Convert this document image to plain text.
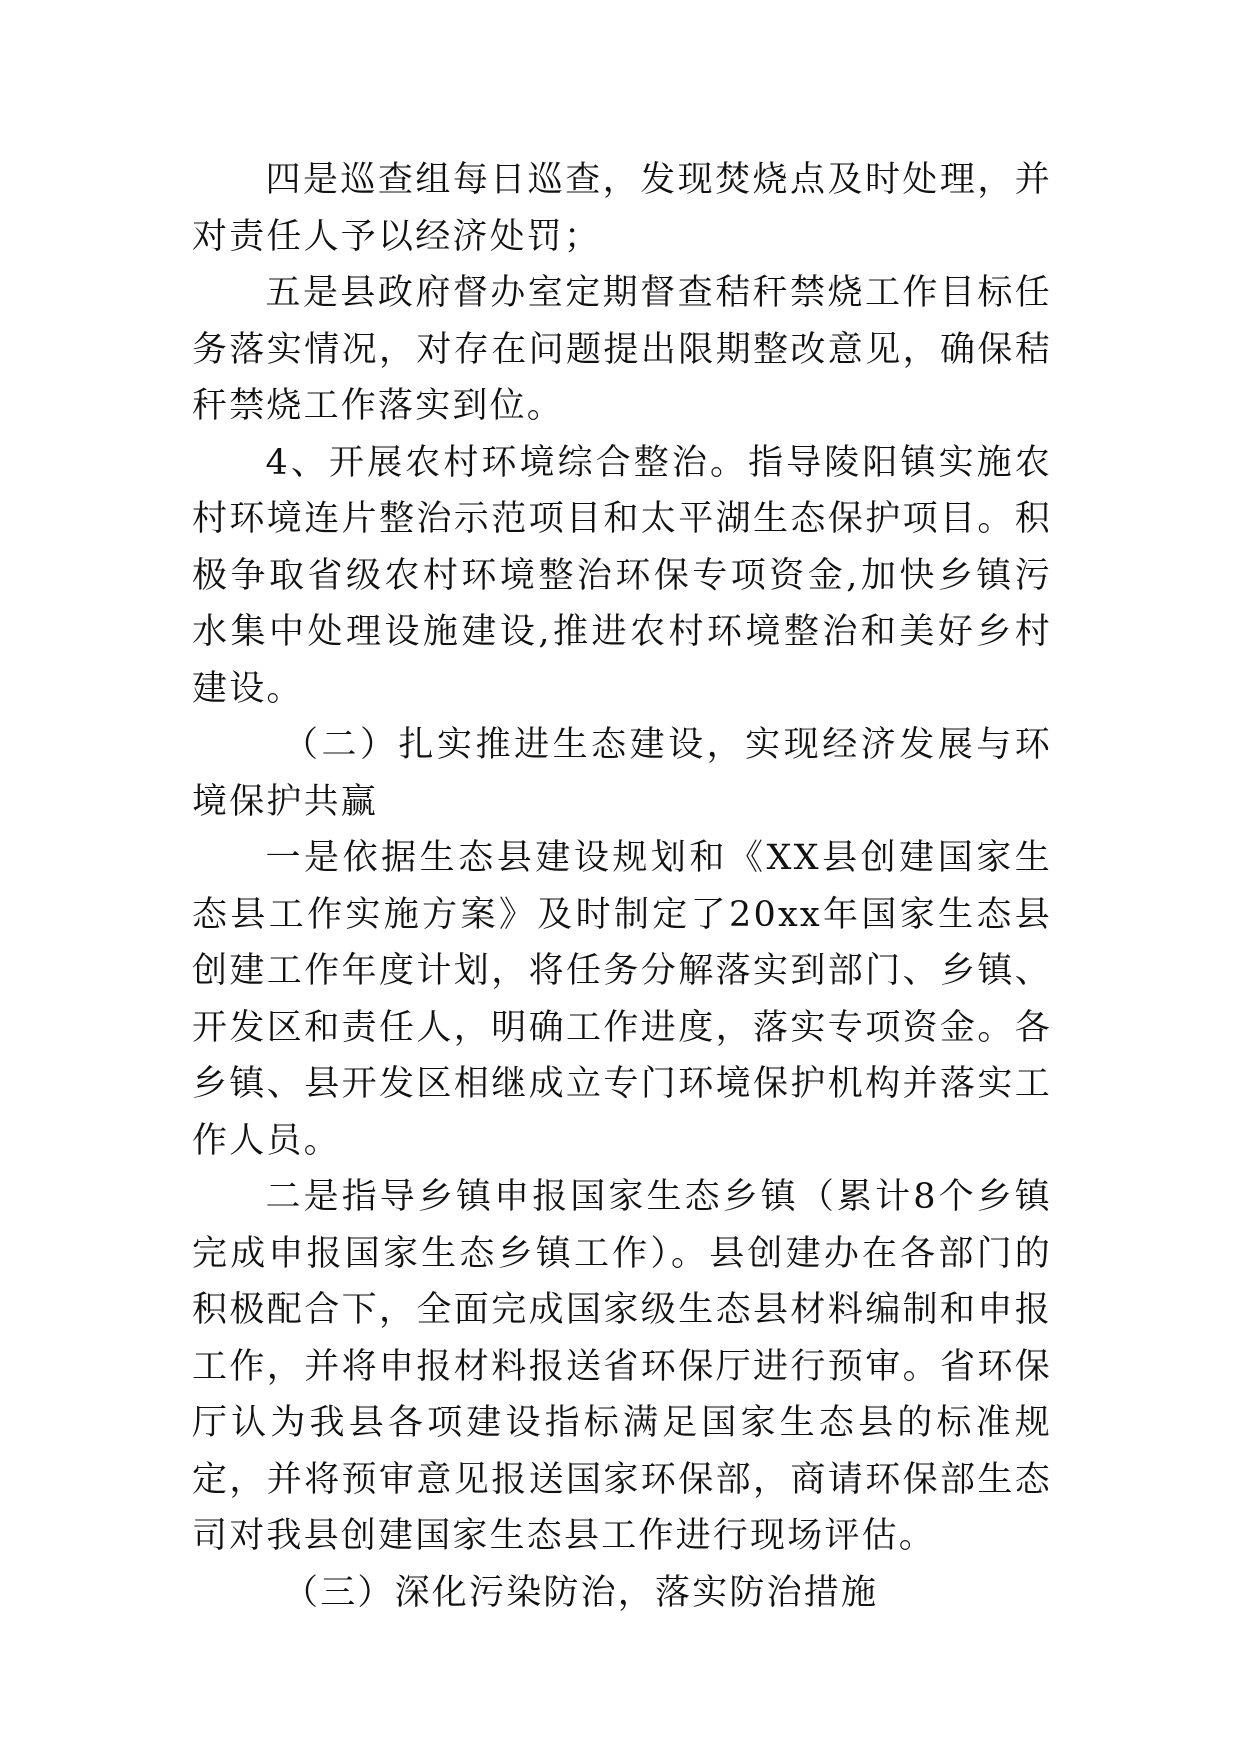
四是巡查组每日巡查，发现焚烧点及时处理，并对责任人予以经济处罚；

五是县政府督办室定期督查秸秆禁烧工作目标任务落实情况，对存在问题提出限期整改意见，确保秸秆禁烧工作落实到位。

4、开展农村环境综合整治。指导陵阳镇实施农村环境连片整治示范项目和太平湖生态保护项目。积极争取省级农村环境整治环保专项资金,加快乡镇污水集中处理设施建设,推进农村环境整治和美好乡村建设。

（二）扎实推进生态建设，实现经济发展与环境保护共赢

一是依据生态县建设规划和《XX县创建国家生态县工作实施方案》及时制定了20xx年国家生态县创建工作年度计划，将任务分解落实到部门、乡镇、开发区和责任人，明确工作进度，落实专项资金。各乡镇、县开发区相继成立专门环境保护机构并落实工作人员。

二是指导乡镇申报国家生态乡镇（累计8个乡镇完成申报国家生态乡镇工作）。县创建办在各部门的积极配合下，全面完成国家级生态县材料编制和申报工作，并将申报材料报送省环保厅进行预审。省环保厅认为我县各项建设指标满足国家生态县的标准规定，并将预审意见报送国家环保部，商请环保部生态司对我县创建国家生态县工作进行现场评估。

（三）深化污染防治，落实防治措施
